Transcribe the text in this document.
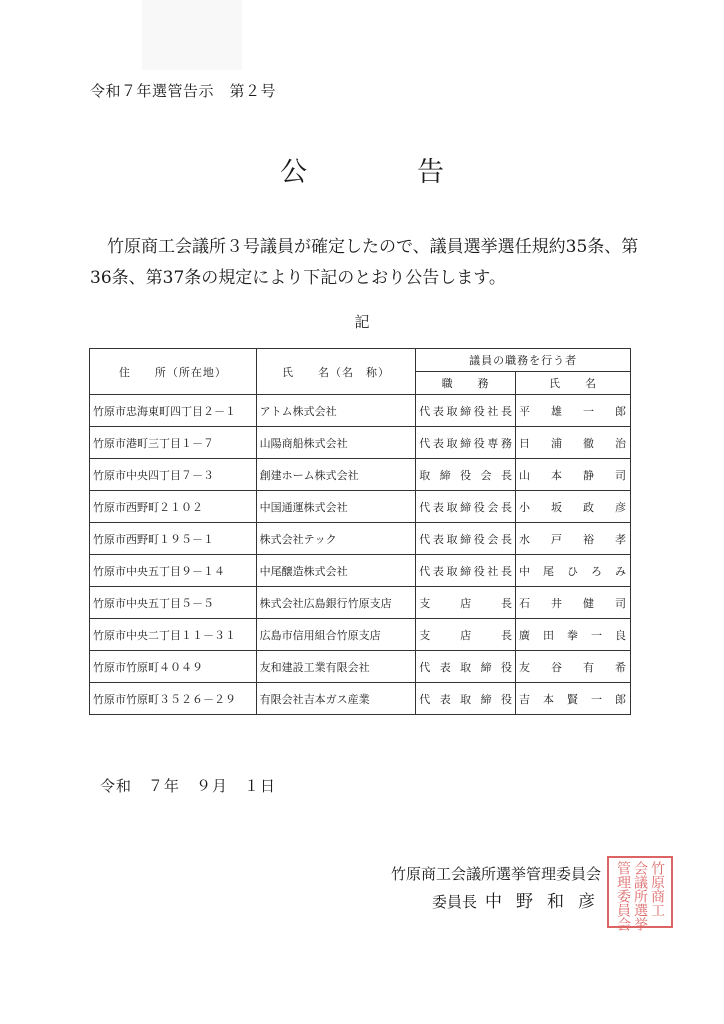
令和７年選管告示　第２号
公	告
竹原商工会議所３号議員が確定したので、議員選挙選任規約35条、第36条、第37条の規定により下記のとおり公告します。
記
住　　所（所在地）	氏　　名（名　称）	議員の職務を行う者	
		職　　務	氏　　名
竹原市忠海東町四丁目２－１	アトム株式会社	代表取締役社長	平　雄　一　郎
竹原市港町三丁目１－７	山陽商船株式会社	代表取締役専務	日　浦　徹　治
竹原市中央四丁目７－３	創建ホーム株式会社	取締役会長	山　本　静　司
竹原市西野町２１０２	中国通運株式会社	代表取締役会長	小　坂　政　彦
竹原市西野町１９５－１	株式会社テック	代表取締役会長	水　戸　裕　孝
竹原市中央五丁目９－１４	中尾醸造株式会社	代表取締役社長	中　尾　ひ　ろ　み
竹原市中央五丁目５－５	株式会社広島銀行竹原支店	支店長	石　井　健　司
竹原市中央二丁目１１－３１	広島市信用組合竹原支店	支店長	廣　田　拳　一　良
竹原市竹原町４０４９	友和建設工業有限会社	代表取締役	友　谷　有　希
竹原市竹原町３５２６－２９	有限会社吉本ガス産業	代表取締役	吉　本　賢　一　郎
令和　７年　９月　１日
竹原商工会議所選挙管理委員会
委員長 中野和彦	竹原商工
会議所選挙
管理委員会
